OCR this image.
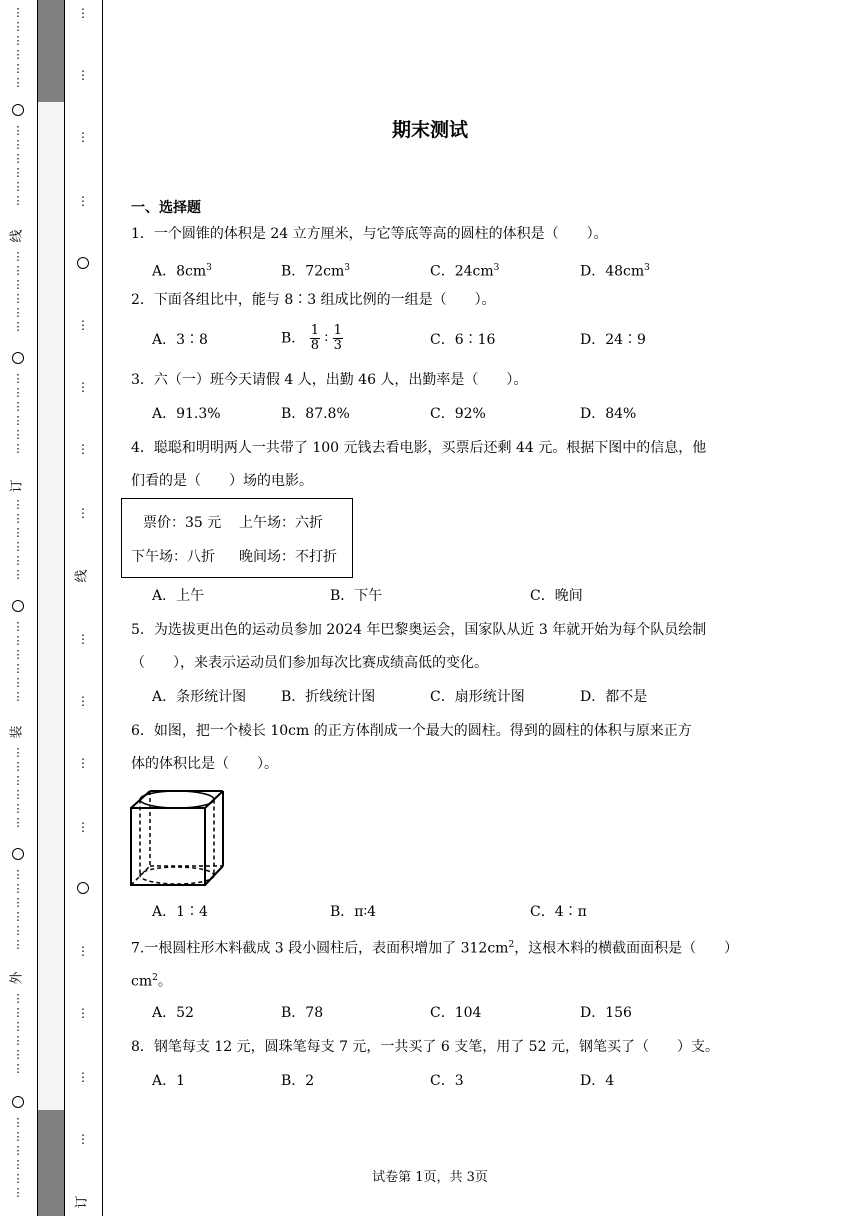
⋮
⋮
⋮
⋮
⋮
⋮
⋮
⋮
⋮
⋮
⋮
⋮
线
⋮
⋮
⋮
⋮
⋮
⋮
⋮
⋮
⋮
⋮
⋮
⋮
订
⋮
⋮
⋮
⋮
⋮
⋮
⋮
⋮
⋮
⋮
⋮
⋮
装
⋮
⋮
⋮
⋮
⋮
⋮
⋮
⋮
⋮
⋮
⋮
⋮
外
⋮
⋮
⋮
⋮
⋮
⋮
⋮
⋮
⋮
⋮
⋮
⋮
⋮
⋮
⋮
⋮
⋮
⋮
⋮
⋮
线
⋮
⋮
⋮
⋮
⋮
⋮
⋮
⋮
订
期末测试
一、选择题
1．一个圆锥的体积是 24 立方厘米，与它等底等高的圆柱的体积是（　　）。
A．$8cm^3$	B．$72cm^3$	C．$24cm^3$	D．$48cm^3$
2．下面各组比中，能与 8∶3 组成比例的一组是（　　）。
A．3∶8	B． $\frac{1}{8}$ ∶ $\frac{1}{3}$	C．6∶16	D．24∶9
3．六（一）班今天请假 4 人，出勤 46 人，出勤率是（　　）。
A．91.3%	B．87.8%	C．92%	D．84%
4．聪聪和明明两人一共带了 100 元钱去看电影，买票后还剩 44 元。根据下图中的信息，他
们看的是（　　）场的电影。
票价：35 元 上午场：六折
下午场：八折 晚间场：不打折
A．上午	B．下午	C．晚间
5．为选拔更出色的运动员参加 2024 年巴黎奥运会，国家队从近 3 年就开始为每个队员绘制
（　　），来表示运动员们参加每次比赛成绩高低的变化。
A．条形统计图 B．折线统计图	C．扇形统计图	D．都不是
6．如图，把一个棱长 10cm 的正方体削成一个最大的圆柱。得到的圆柱的体积与原来正方
体的体积比是（　　）。
A．1∶4	B．π∶4	C．4∶π
7.一根圆柱形木料截成 3 段小圆柱后，表面积增加了 $312cm^2$，这根木料的横截面面积是（　　）
$cm^2$。
A．52	B．78	C．104	D．156
8．钢笔每支 12 元，圆珠笔每支 7 元，一共买了 6 支笔，用了 52 元，钢笔买了（　　）支。
A．1	B．2	C．3	D．4
试卷第 1页，共 3页
